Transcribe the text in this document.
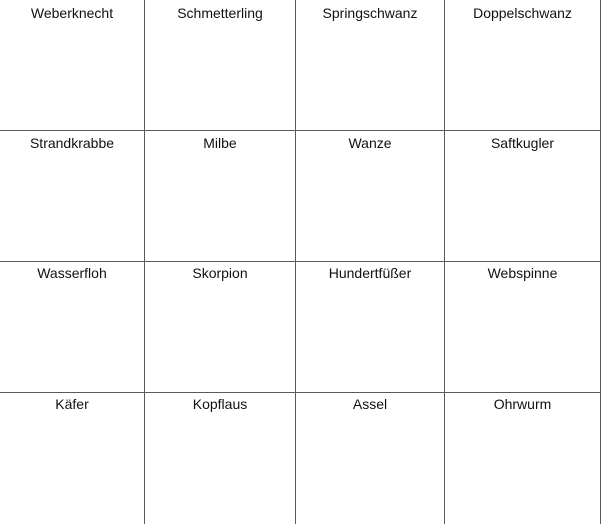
Weberknecht	Schmetterling	Springschwanz	Doppelschwanz
Strandkrabbe	Milbe	Wanze	Saftkugler
Wasserfloh	Skorpion	Hundertfüßer	Webspinne
Käfer	Kopflaus	Assel	Ohrwurm
